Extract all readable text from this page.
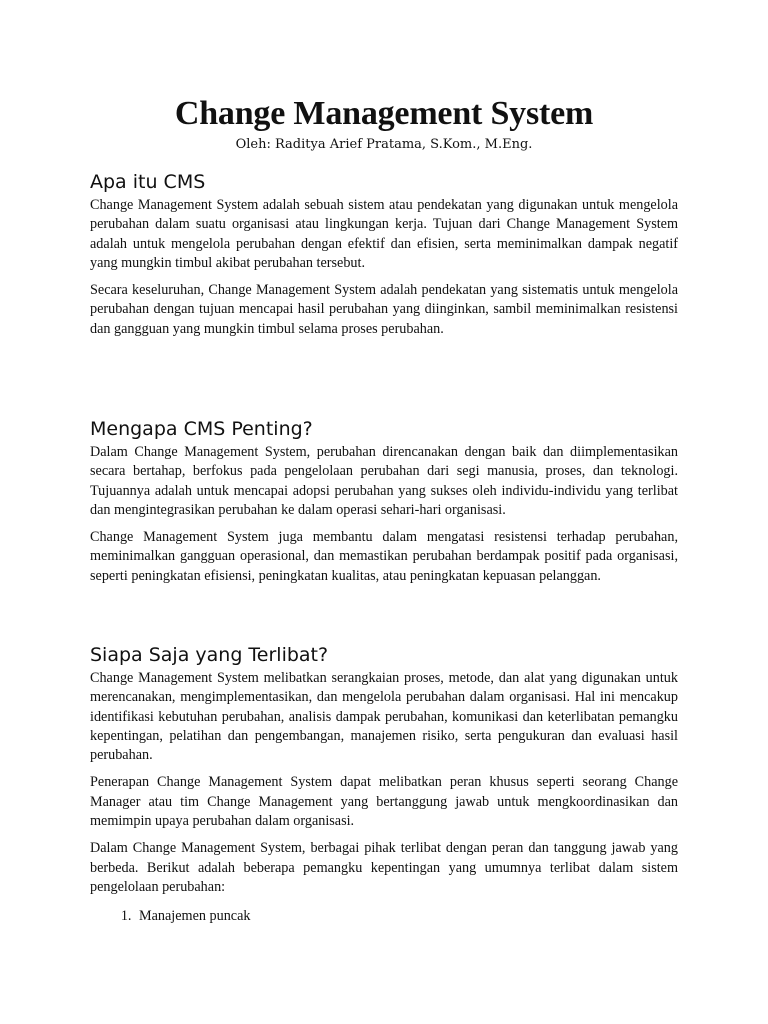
Change Management System
Oleh: Raditya Arief Pratama, S.Kom., M.Eng.
Apa itu CMS

Change Management System adalah sebuah sistem atau pendekatan yang digunakan untuk mengelola perubahan dalam suatu organisasi atau lingkungan kerja. Tujuan dari Change Management System adalah untuk mengelola perubahan dengan efektif dan efisien, serta meminimalkan dampak negatif yang mungkin timbul akibat perubahan tersebut.

Secara keseluruhan, Change Management System adalah pendekatan yang sistematis untuk mengelola perubahan dengan tujuan mencapai hasil perubahan yang diinginkan, sambil meminimalkan resistensi dan gangguan yang mungkin timbul selama proses perubahan.

Mengapa CMS Penting?

Dalam Change Management System, perubahan direncanakan dengan baik dan diimplementasikan secara bertahap, berfokus pada pengelolaan perubahan dari segi manusia, proses, dan teknologi. Tujuannya adalah untuk mencapai adopsi perubahan yang sukses oleh individu-individu yang terlibat dan mengintegrasikan perubahan ke dalam operasi sehari-hari organisasi.

Change Management System juga membantu dalam mengatasi resistensi terhadap perubahan, meminimalkan gangguan operasional, dan memastikan perubahan berdampak positif pada organisasi, seperti peningkatan efisiensi, peningkatan kualitas, atau peningkatan kepuasan pelanggan.

Siapa Saja yang Terlibat?

Change Management System melibatkan serangkaian proses, metode, dan alat yang digunakan untuk merencanakan, mengimplementasikan, dan mengelola perubahan dalam organisasi. Hal ini mencakup identifikasi kebutuhan perubahan, analisis dampak perubahan, komunikasi dan keterlibatan pemangku kepentingan, pelatihan dan pengembangan, manajemen risiko, serta pengukuran dan evaluasi hasil perubahan.

Penerapan Change Management System dapat melibatkan peran khusus seperti seorang Change Manager atau tim Change Management yang bertanggung jawab untuk mengkoordinasikan dan memimpin upaya perubahan dalam organisasi.

Dalam Change Management System, berbagai pihak terlibat dengan peran dan tanggung jawab yang berbeda. Berikut adalah beberapa pemangku kepentingan yang umumnya terlibat dalam sistem pengelolaan perubahan:

1. Manajemen puncak
